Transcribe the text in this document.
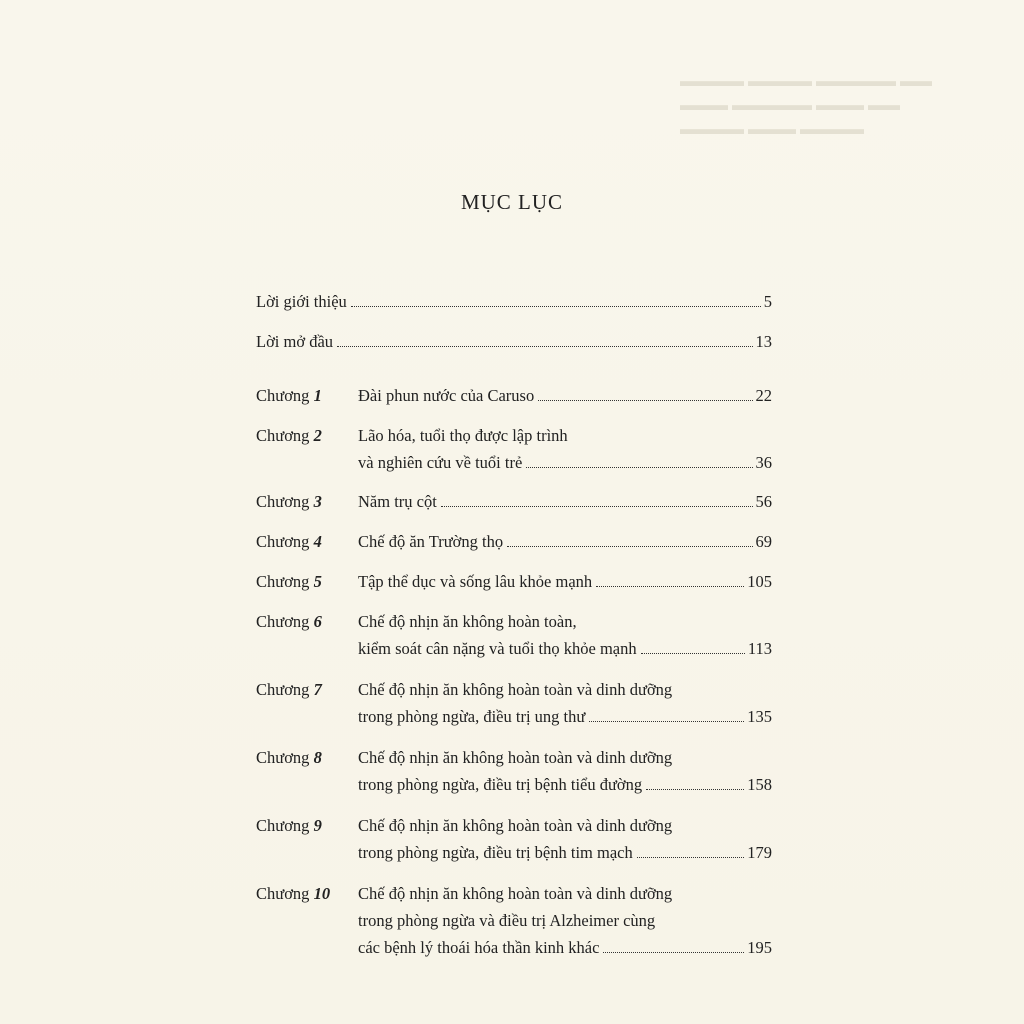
▬▬▬▬ ▬▬▬▬ ▬▬▬▬▬ ▬▬
▬▬▬ ▬▬▬▬▬ ▬▬▬ ▬▬
▬▬▬▬ ▬▬▬ ▬▬▬▬
MỤC LỤC
Lời giới thiệu	5
Lời mở đầu	13
Chương 1 Đài phun nước của Caruso	22
Chương 2 Lão hóa, tuổi thọ được lập trình
và nghiên cứu về tuổi trẻ	36
Chương 3 Năm trụ cột	56
Chương 4 Chế độ ăn Trường thọ	69
Chương 5 Tập thể dục và sống lâu khỏe mạnh	105
Chương 6 Chế độ nhịn ăn không hoàn toàn,
kiểm soát cân nặng và tuổi thọ khỏe mạnh	113
Chương 7 Chế độ nhịn ăn không hoàn toàn và dinh dưỡng
trong phòng ngừa, điều trị ung thư	135
Chương 8 Chế độ nhịn ăn không hoàn toàn và dinh dưỡng
trong phòng ngừa, điều trị bệnh tiểu đường	158
Chương 9 Chế độ nhịn ăn không hoàn toàn và dinh dưỡng
trong phòng ngừa, điều trị bệnh tim mạch	179
Chương 10 Chế độ nhịn ăn không hoàn toàn và dinh dưỡng
trong phòng ngừa và điều trị Alzheimer cùng
các bệnh lý thoái hóa thần kinh khác	195
